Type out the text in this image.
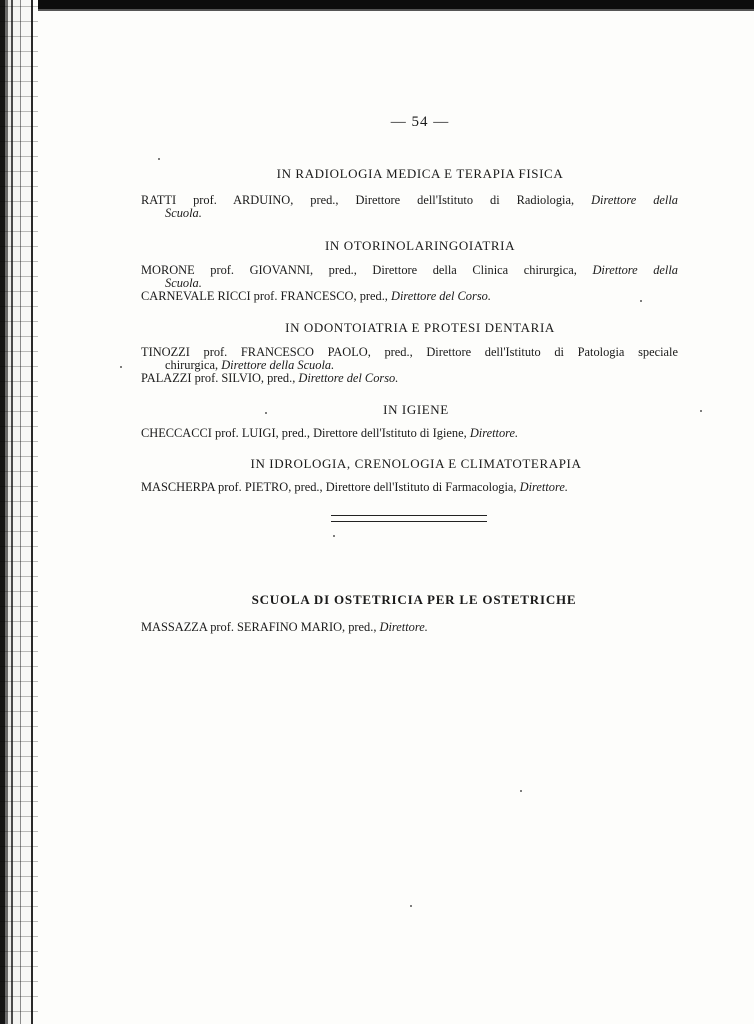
— 54 —
IN RADIOLOGIA MEDICA E TERAPIA FISICA
RATTI prof. ARDUINO, pred., Direttore dell'Istituto di Radiologia, Direttore della
Scuola.
IN OTORINOLARINGOIATRIA
MORONE prof. GIOVANNI, pred., Direttore della Clinica chirurgica, Direttore della
Scuola.
CARNEVALE RICCI prof. FRANCESCO, pred., Direttore del Corso.
IN ODONTOIATRIA E PROTESI DENTARIA
TINOZZI prof. FRANCESCO PAOLO, pred., Direttore dell'Istituto di Patologia speciale
chirurgica, Direttore della Scuola.
PALAZZI prof. SILVIO, pred., Direttore del Corso.
IN IGIENE
CHECCACCI prof. LUIGI, pred., Direttore dell'Istituto di Igiene, Direttore.
IN IDROLOGIA, CRENOLOGIA E CLIMATOTERAPIA
MASCHERPA prof. PIETRO, pred., Direttore dell'Istituto di Farmacologia, Direttore.
SCUOLA DI OSTETRICIA PER LE OSTETRICHE
MASSAZZA prof. SERAFINO MARIO, pred., Direttore.
